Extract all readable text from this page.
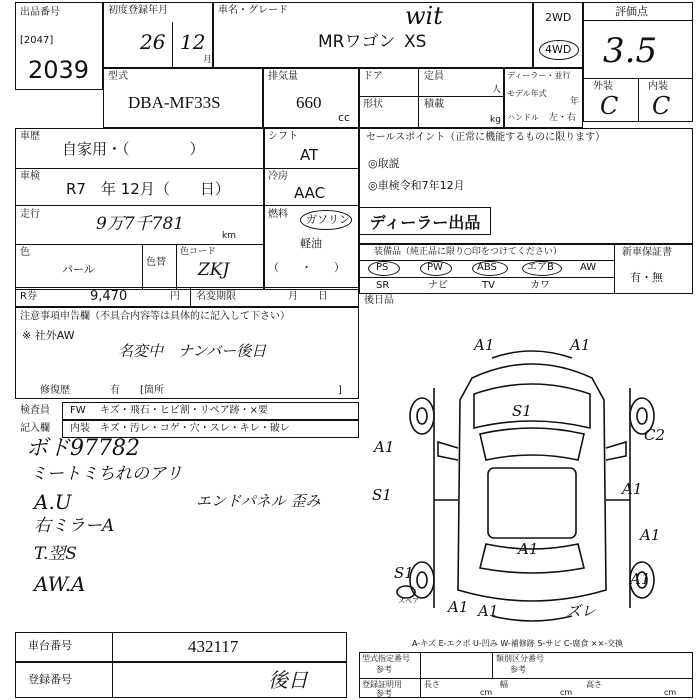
出品番号
[2047]
2039
初度登録年月
26 12
月
車名・グレード
MRワゴン XS
wit	2WD
4WD
評価点
3.5
外装	内装
C C
型式
DBA-MF33S
排気量
660
cc
ドア	定員
人
形状	積載
kg
ディーラー・並行
モデル年式
年
ハンドル 左・右
車歴
自家用・（　　　　）
車検
R7　年 12月（　　日）
走行	9万7千781
km
色
パール
色替
色コード
ZKJ
シフト
AT
冷房
AAC
燃料 ガソリン
軽油
（　　・　　）
R券	9,470	円 名変期限	月　　日
注意事項申告欄（不具合内容等は具体的に記入して下さい）
※ 社外AW
名変中　ナンバー後日
修復歴	有　　[箇所	]
検査員 FW キズ・飛石・ヒビ割・リペア跡・×要
記入欄 内装 キズ・汚レ・コゲ・穴・スレ・キレ・破レ
ボド97782
ミートミちれのアリ
A.U
右ミラーA
T.翌S
AW.A
エンドパネル 歪み
セールスポイント（正常に機能するものに限ります）
◎取説
◎車検令和7年12月
ディーラー出品
装備品（純正品に限り○印をつけてください）	新車保証書
有・無
PS	PW	ABS	エアB	AW
SR	ナビ	TV	カワ
後日品
A1	A1
S1
A1
C2
S1	A1
A1
A1
S1	A1
A1 A1	ズレ
スペア
A-キズ E-エクボ U-凹み W-補修跡 S-サビ C-腐食 ××-交換
車台番号	432117
登録番号	後日
型式指定番号
参考
類別区分番号
参考
登録証明用
参考
長さ
cm
幅
cm
高さ
cm
